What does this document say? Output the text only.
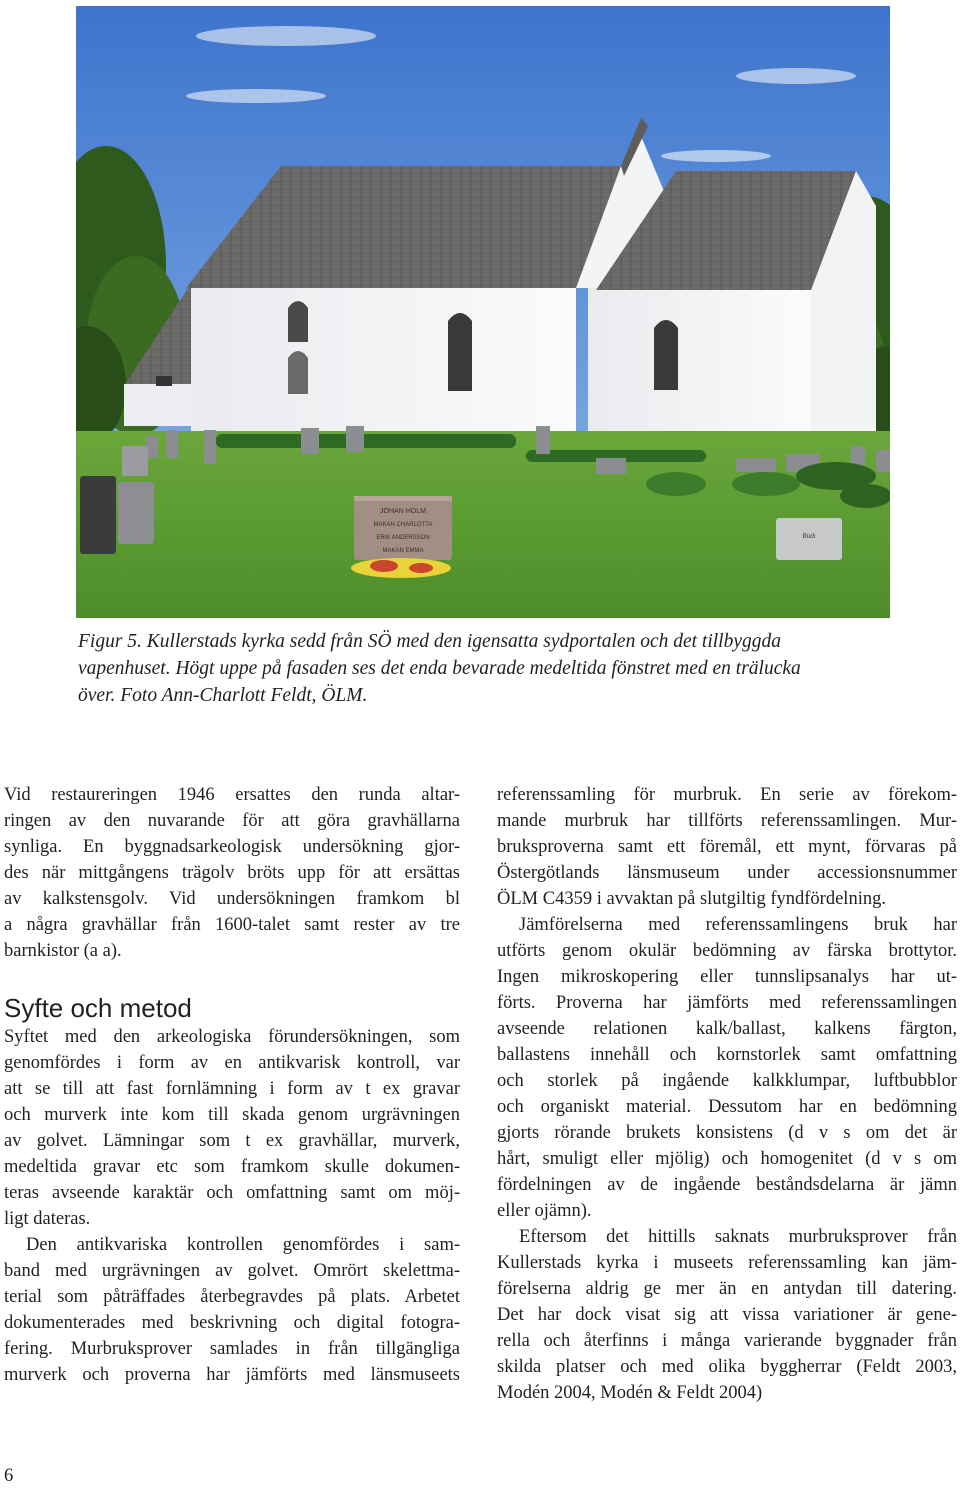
JOHAN HOLM
MAKAN CHARLOTTA
ERIK ANDERSSON
MAKAN EMMA
Ruth

Figur 5. Kullerstads kyrka sedd från SÖ med den igensatta sydportalen och det tillbyggda

vapenhuset. Högt uppe på fasaden ses det enda bevarade medeltida fönstret med en trälucka

över. Foto Ann-Charlott Feldt, ÖLM.

Vid restaureringen 1946 ersattes den runda altar-
ringen av den nuvarande för att göra gravhällarna
synliga. En byggnadsarkeologisk undersökning gjor-
des när mittgångens trägolv bröts upp för att ersättas
av kalkstensgolv. Vid undersökningen framkom bl
a några gravhällar från 1600-talet samt rester av tre
barnkistor (a a).
Syfte och metod
Syftet med den arkeologiska förundersökningen, som
genomfördes i form av en antikvarisk kontroll, var
att se till att fast fornlämning i form av t ex gravar
och murverk inte kom till skada genom urgrävningen
av golvet. Lämningar som t ex gravhällar, murverk,
medeltida gravar etc som framkom skulle dokumen-
teras avseende karaktär och omfattning samt om möj-
ligt dateras.
Den antikvariska kontrollen genomfördes i sam-
band med urgrävningen av golvet. Omrört skelettma-
terial som påträffades återbegravdes på plats. Arbetet
dokumenterades med beskrivning och digital fotogra-
fering. Murbruksprover samlades in från tillgängliga
murverk och proverna har jämförts med länsmuseets
referenssamling för murbruk. En serie av förekom-
mande murbruk har tillförts referenssamlingen. Mur-
bruksproverna samt ett föremål, ett mynt, förvaras på
Östergötlands länsmuseum under accessionsnummer
ÖLM C4359 i avvaktan på slutgiltig fyndfördelning.
Jämförelserna med referenssamlingens bruk har
utförts genom okulär bedömning av färska brottytor.
Ingen mikroskopering eller tunnslipsanalys har ut-
förts. Proverna har jämförts med referenssamlingen
avseende relationen kalk/ballast, kalkens färgton,
ballastens innehåll och kornstorlek samt omfattning
och storlek på ingående kalkklumpar, luftbubblor
och organiskt material. Dessutom har en bedömning
gjorts rörande brukets konsistens (d v s om det är
hårt, smuligt eller mjölig) och homogenitet (d v s om
fördelningen av de ingående beståndsdelarna är jämn
eller ojämn).
Eftersom det hittills saknats murbruksprover från
Kullerstads kyrka i museets referenssamling kan jäm-
förelserna aldrig ge mer än en antydan till datering.
Det har dock visat sig att vissa variationer är gene-
rella och återfinns i många varierande byggnader från
skilda platser och med olika byggherrar (Feldt 2003,
Modén 2004, Modén & Feldt 2004)
6
